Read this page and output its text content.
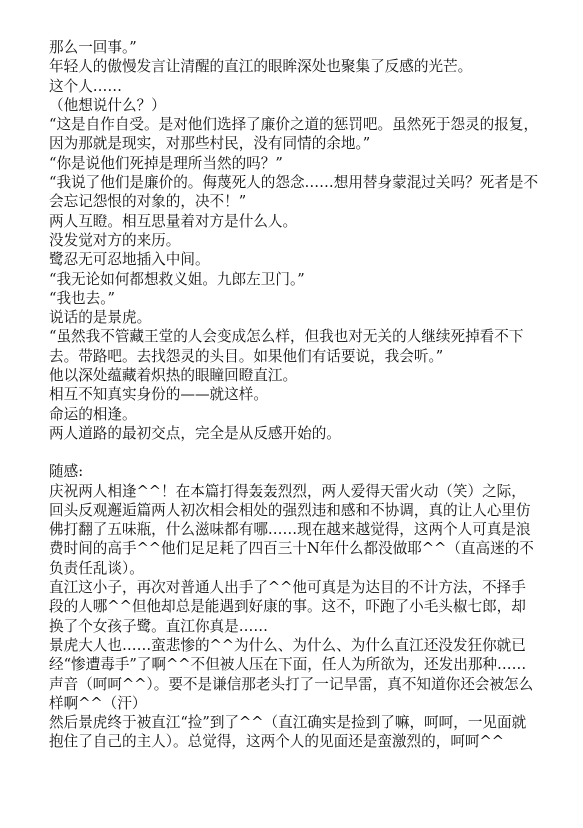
那么一回事。”

年轻人的傲慢发言让清醒的直江的眼眸深处也聚集了反感的光芒。

这个人……

（他想说什么？）

“这是自作自受。是对他们选择了廉价之道的惩罚吧。虽然死于怨灵的报复，因为那就是现实，对那些村民，没有同情的余地。”

“你是说他们死掉是理所当然的吗？”

“我说了他们是廉价的。侮蔑死人的怨念……想用替身蒙混过关吗？死者是不会忘记怨恨的对象的，决不！”

两人互瞪。相互思量着对方是什么人。

没发觉对方的来历。

鹭忍无可忍地插入中间。

“我无论如何都想救义姐。九郎左卫门。”

“我也去。”

说话的是景虎。

“虽然我不管藏王堂的人会变成怎么样，但我也对无关的人继续死掉看不下去。带路吧。去找怨灵的头目。如果他们有话要说，我会听。”

他以深处蕴藏着炽热的眼瞳回瞪直江。

相互不知真实身份的——就这样。

命运的相逢。

两人道路的最初交点，完全是从反感开始的。

随感:

庆祝两人相逢^^！在本篇打得轰轰烈烈，两人爱得天雷火动（笑）之际，回头反观邂逅篇两人初次相会相处的强烈违和感和不协调，真的让人心里仿佛打翻了五味瓶，什么滋味都有哪……现在越来越觉得，这两个人可真是浪费时间的高手^^他们足足耗了四百三十N年什么都没做耶^^（直高迷的不负责任乱谈）。

直江这小子，再次对普通人出手了^^他可真是为达目的不计方法，不择手段的人哪^^但他却总是能遇到好康的事。这不，吓跑了小毛头椒七郎，却换了个女孩子鹭。直江你真是……

景虎大人也……蛮悲惨的^^为什么、为什么、为什么直江还没发狂你就已经“惨遭毒手”了啊^^不但被人压在下面，任人为所欲为，还发出那种……声音（呵呵^^）。要不是谦信那老头打了一记旱雷，真不知道你还会被怎么样啊^^（汗）

然后景虎终于被直江“捡”到了^^（直江确实是捡到了嘛，呵呵，一见面就抱住了自己的主人）。总觉得，这两个人的见面还是蛮激烈的，呵呵^^
